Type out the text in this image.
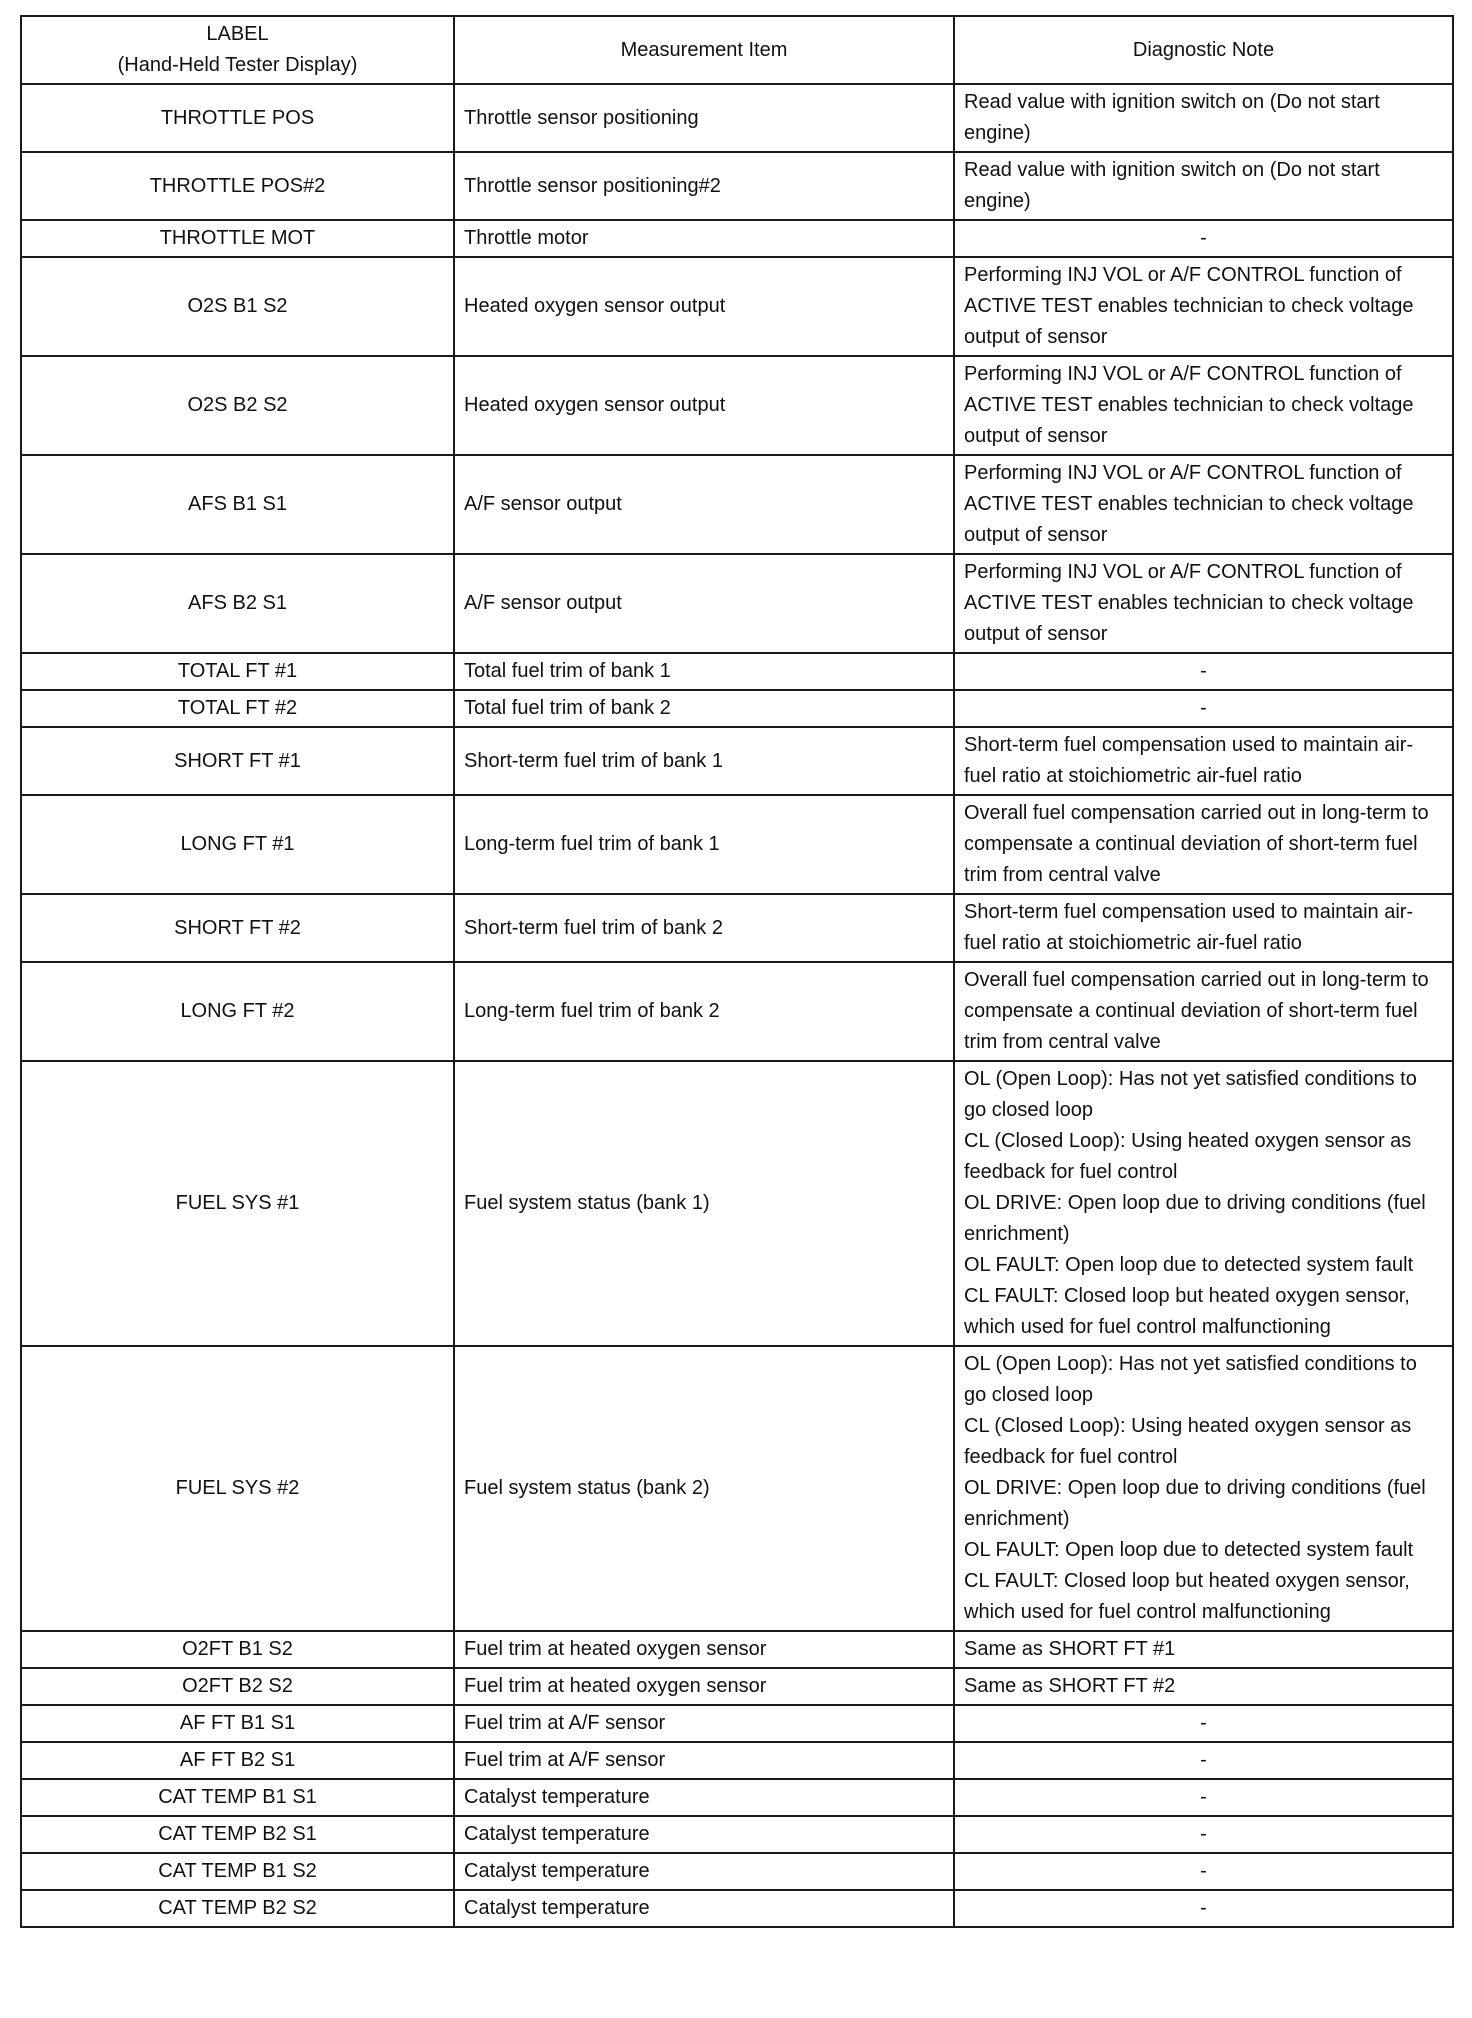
LABEL
(Hand-Held Tester Display)	Measurement Item	Diagnostic Note
THROTTLE POS	Throttle sensor positioning	Read value with ignition switch on (Do not start engine)
THROTTLE POS#2	Throttle sensor positioning#2	Read value with ignition switch on (Do not start engine)
THROTTLE MOT	Throttle motor	-
O2S B1 S2	Heated oxygen sensor output	Performing INJ VOL or A/F CONTROL function of ACTIVE TEST enables technician to check voltage output of sensor
O2S B2 S2	Heated oxygen sensor output	Performing INJ VOL or A/F CONTROL function of ACTIVE TEST enables technician to check voltage output of sensor
AFS B1 S1	A/F sensor output	Performing INJ VOL or A/F CONTROL function of ACTIVE TEST enables technician to check voltage output of sensor
AFS B2 S1	A/F sensor output	Performing INJ VOL or A/F CONTROL function of ACTIVE TEST enables technician to check voltage output of sensor
TOTAL FT #1	Total fuel trim of bank 1	-
TOTAL FT #2	Total fuel trim of bank 2	-
SHORT FT #1	Short-term fuel trim of bank 1	Short-term fuel compensation used to maintain air-fuel ratio at stoichiometric air-fuel ratio
LONG FT #1	Long-term fuel trim of bank 1	Overall fuel compensation carried out in long-term to compensate a continual deviation of short-term fuel trim from central valve
SHORT FT #2	Short-term fuel trim of bank 2	Short-term fuel compensation used to maintain air-fuel ratio at stoichiometric air-fuel ratio
LONG FT #2	Long-term fuel trim of bank 2	Overall fuel compensation carried out in long-term to compensate a continual deviation of short-term fuel trim from central valve
FUEL SYS #1	Fuel system status (bank 1)	OL (Open Loop): Has not yet satisfied conditions to go closed loop
CL (Closed Loop): Using heated oxygen sensor as feedback for fuel control
OL DRIVE: Open loop due to driving conditions (fuel enrichment)
OL FAULT: Open loop due to detected system fault
CL FAULT: Closed loop but heated oxygen sensor, which used for fuel control malfunctioning

FUEL SYS #2	Fuel system status (bank 2)	OL (Open Loop): Has not yet satisfied conditions to go closed loop
CL (Closed Loop): Using heated oxygen sensor as feedback for fuel control
OL DRIVE: Open loop due to driving conditions (fuel enrichment)
OL FAULT: Open loop due to detected system fault
CL FAULT: Closed loop but heated oxygen sensor, which used for fuel control malfunctioning

O2FT B1 S2	Fuel trim at heated oxygen sensor	Same as SHORT FT #1
O2FT B2 S2	Fuel trim at heated oxygen sensor	Same as SHORT FT #2
AF FT B1 S1	Fuel trim at A/F sensor	-
AF FT B2 S1	Fuel trim at A/F sensor	-
CAT TEMP B1 S1	Catalyst temperature	-
CAT TEMP B2 S1	Catalyst temperature	-
CAT TEMP B1 S2	Catalyst temperature	-
CAT TEMP B2 S2	Catalyst temperature	-
